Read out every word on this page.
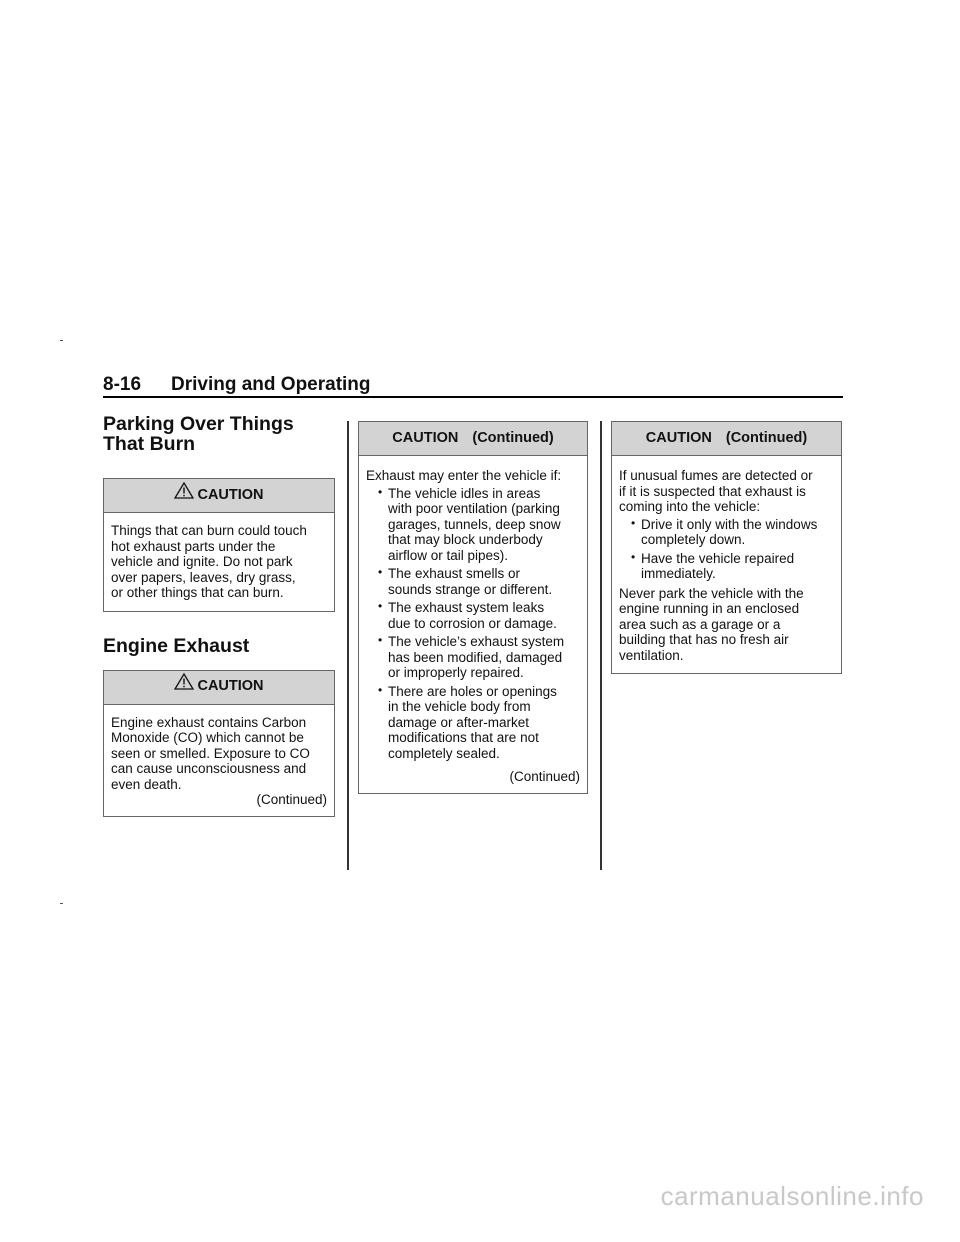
8-16 Driving and Operating
Parking Over Things
That Burn
CAUTION

Things that can burn could touch
hot exhaust parts under the
vehicle and ignite. Do not park
over papers, leaves, dry grass,
or other things that can burn.

Engine Exhaust
CAUTION

Engine exhaust contains Carbon
Monoxide (CO) which cannot be
seen or smelled. Exposure to CO
can cause unconsciousness and
even death.

(Continued)

CAUTION (Continued)

Exhaust may enter the vehicle if:

• The vehicle idles in areas
with poor ventilation (parking
garages, tunnels, deep snow
that may block underbody
airflow or tail pipes).
• The exhaust smells or
sounds strange or different.
• The exhaust system leaks
due to corrosion or damage.
• The vehicle’s exhaust system
has been modified, damaged
or improperly repaired.
• There are holes or openings
in the vehicle body from
damage or after-market
modifications that are not
completely sealed.

(Continued)

CAUTION (Continued)

If unusual fumes are detected or
if it is suspected that exhaust is
coming into the vehicle:

• Drive it only with the windows
completely down.
• Have the vehicle repaired
immediately.

Never park the vehicle with the
engine running in an enclosed
area such as a garage or a
building that has no fresh air
ventilation.

carmanualsonline.info
